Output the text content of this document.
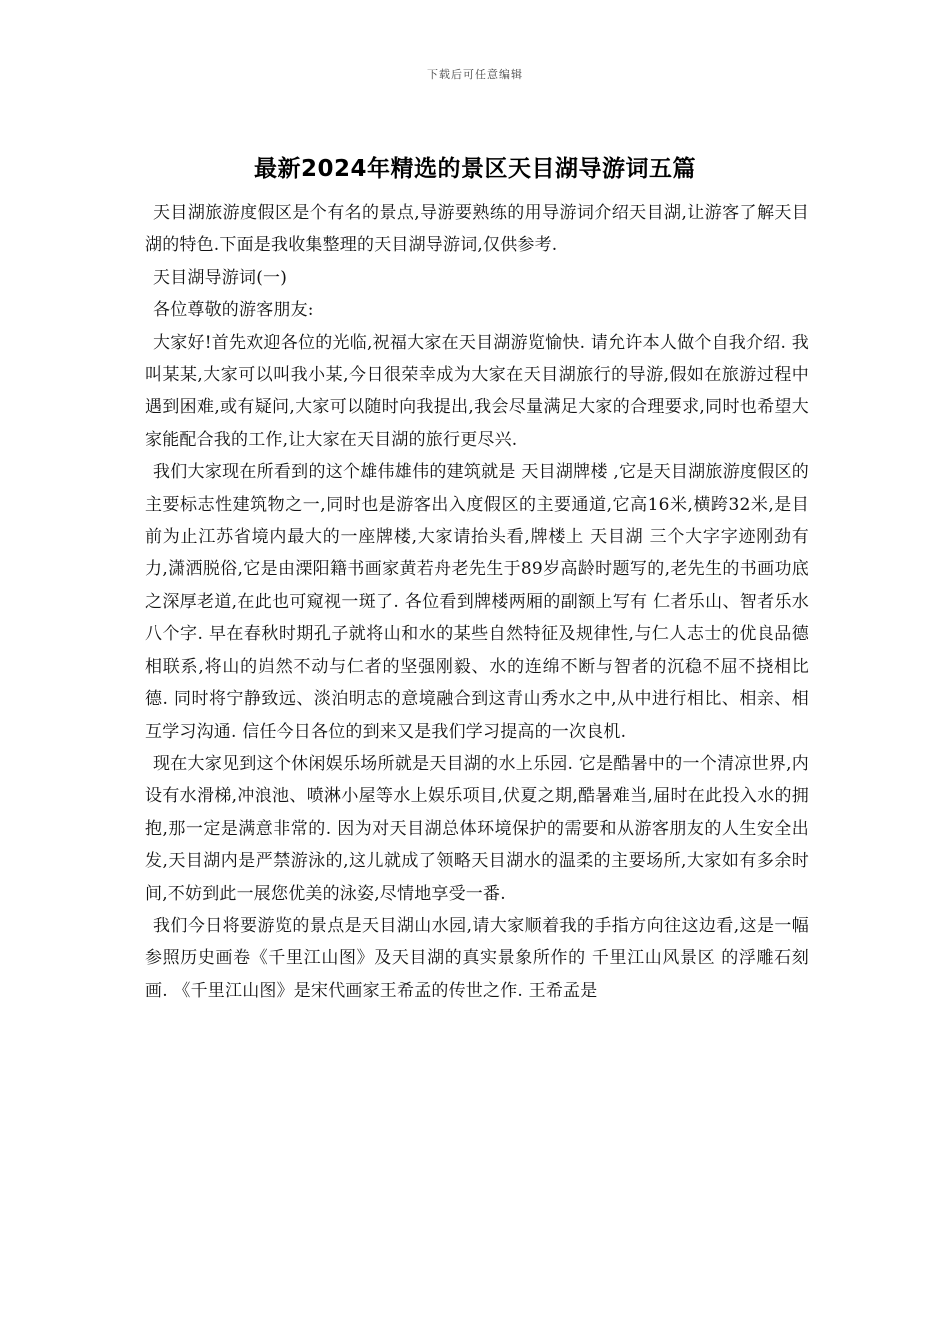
下载后可任意编辑
最新2024年精选的景区天目湖导游词五篇

天目湖旅游度假区是个有名的景点,导游要熟练的用导游词介绍天目湖,让游客了解天目湖的特色.下面是我收集整理的天目湖导游词,仅供参考.

天目湖导游词(一)

各位尊敬的游客朋友:

大家好!首先欢迎各位的光临,祝福大家在天目湖游览愉快. 请允许本人做个自我介绍. 我叫某某,大家可以叫我小某,今日很荣幸成为大家在天目湖旅行的导游,假如在旅游过程中遇到困难,或有疑问,大家可以随时向我提出,我会尽量满足大家的合理要求,同时也希望大家能配合我的工作,让大家在天目湖的旅行更尽兴.

我们大家现在所看到的这个雄伟雄伟的建筑就是 天目湖牌楼 ,它是天目湖旅游度假区的主要标志性建筑物之一,同时也是游客出入度假区的主要通道,它高16米,横跨32米,是目前为止江苏省境内最大的一座牌楼,大家请抬头看,牌楼上 天目湖 三个大字字迹刚劲有力,潇洒脱俗,它是由溧阳籍书画家黄若舟老先生于89岁高龄时题写的,老先生的书画功底之深厚老道,在此也可窥视一斑了. 各位看到牌楼两厢的副额上写有 仁者乐山、智者乐水 八个字. 早在春秋时期孔子就将山和水的某些自然特征及规律性,与仁人志士的优良品德相联系,将山的岿然不动与仁者的坚强刚毅、水的连绵不断与智者的沉稳不屈不挠相比德. 同时将宁静致远、淡泊明志的意境融合到这青山秀水之中,从中进行相比、相亲、相互学习沟通. 信任今日各位的到来又是我们学习提高的一次良机.

现在大家见到这个休闲娱乐场所就是天目湖的水上乐园. 它是酷暑中的一个清凉世界,内设有水滑梯,冲浪池、喷淋小屋等水上娱乐项目,伏夏之期,酷暑难当,届时在此投入水的拥抱,那一定是满意非常的. 因为对天目湖总体环境保护的需要和从游客朋友的人生安全出发,天目湖内是严禁游泳的,这儿就成了领略天目湖水的温柔的主要场所,大家如有多余时间,不妨到此一展您优美的泳姿,尽情地享受一番.

我们今日将要游览的景点是天目湖山水园,请大家顺着我的手指方向往这边看,这是一幅参照历史画卷《千里江山图》及天目湖的真实景象所作的 千里江山风景区 的浮雕石刻画. 《千里江山图》是宋代画家王希孟的传世之作. 王希孟是
